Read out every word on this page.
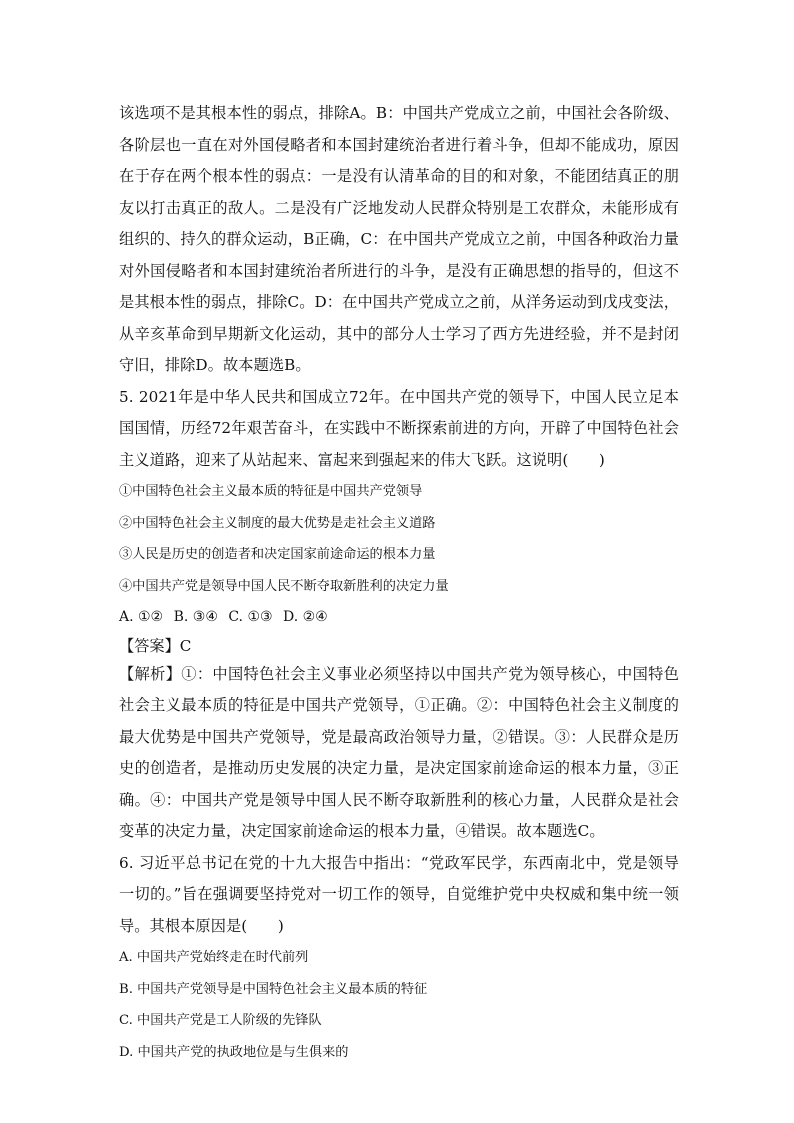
该选项不是其根本性的弱点，排除A。B：中国共产党成立之前，中国社会各阶级、各阶层也一直在对外国侵略者和本国封建统治者进行着斗争，但却不能成功，原因在于存在两个根本性的弱点：一是没有认清革命的目的和对象，不能团结真正的朋友以打击真正的敌人。二是没有广泛地发动人民群众特别是工农群众，未能形成有组织的、持久的群众运动，B正确，C：在中国共产党成立之前，中国各种政治力量对外国侵略者和本国封建统治者所进行的斗争，是没有正确思想的指导的，但这不是其根本性的弱点，排除C。D：在中国共产党成立之前，从洋务运动到戊戌变法，从辛亥革命到早期新文化运动，其中的部分人士学习了西方先进经验，并不是封闭守旧，排除D。故本题选B。

5. 2021年是中华人民共和国成立72年。在中国共产党的领导下，中国人民立足本国国情，历经72年艰苦奋斗，在实践中不断探索前进的方向，开辟了中国特色社会主义道路，迎来了从站起来、富起来到强起来的伟大飞跃。这说明(　　)

①中国特色社会主义最本质的特征是中国共产党领导

②中国特色社会主义制度的最大优势是走社会主义道路

③人民是历史的创造者和决定国家前途命运的根本力量

④中国共产党是领导中国人民不断夺取新胜利的决定力量

A. ①② B. ③④ C. ①③ D. ②④

【答案】C

【解析】①：中国特色社会主义事业必须坚持以中国共产党为领导核心，中国特色社会主义最本质的特征是中国共产党领导，①正确。②：中国特色社会主义制度的最大优势是中国共产党领导，党是最高政治领导力量，②错误。③：人民群众是历史的创造者，是推动历史发展的决定力量，是决定国家前途命运的根本力量，③正确。④：中国共产党是领导中国人民不断夺取新胜利的核心力量，人民群众是社会变革的决定力量，决定国家前途命运的根本力量，④错误。故本题选C。

6. 习近平总书记在党的十九大报告中指出：“党政军民学，东西南北中，党是领导一切的。”旨在强调要坚持党对一切工作的领导，自觉维护党中央权威和集中统一领导。其根本原因是(　　)

A. 中国共产党始终走在时代前列

B. 中国共产党领导是中国特色社会主义最本质的特征

C. 中国共产党是工人阶级的先锋队

D. 中国共产党的执政地位是与生俱来的
